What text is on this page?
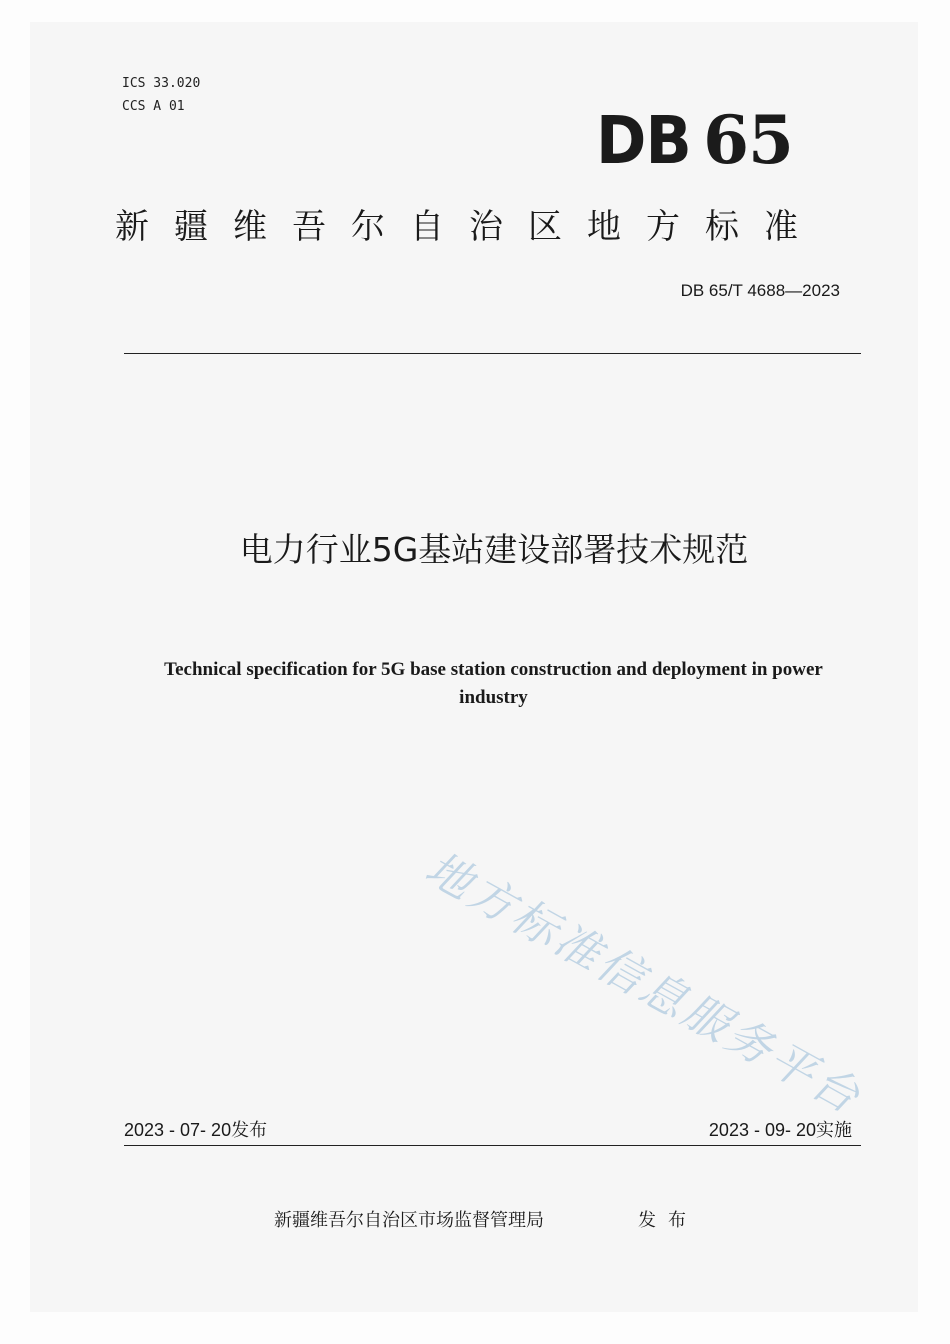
ICS 33.020
CCS A 01	DB 65
新疆维吾尔自治区地方标准
DB 65/T 4688—2023
电力行业5G基站建设部署技术规范
Technical specification for 5G base station construction and deployment in power industry
地方标准信息服务平台
2023 - 07- 20发布	2023 - 09- 20实施
新疆维吾尔自治区市场监督管理局	发布
